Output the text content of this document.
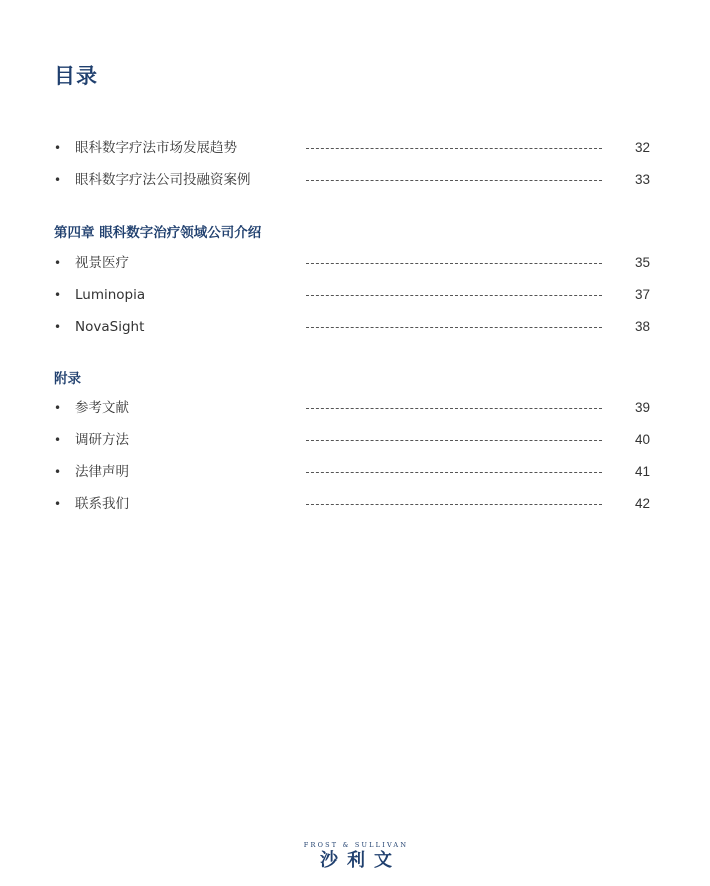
目录
•	眼科数字疗法市场发展趋势	32
•	眼科数字疗法公司投融资案例	33
第四章 眼科数字治疗领域公司介绍
•	视景医疗	35
•	Luminopia	37
•	NovaSight	38
附录
•	参考文献	39
•	调研方法	40
•	法律声明	41
•	联系我们	42
FROST & SULLIVAN
沙利文
